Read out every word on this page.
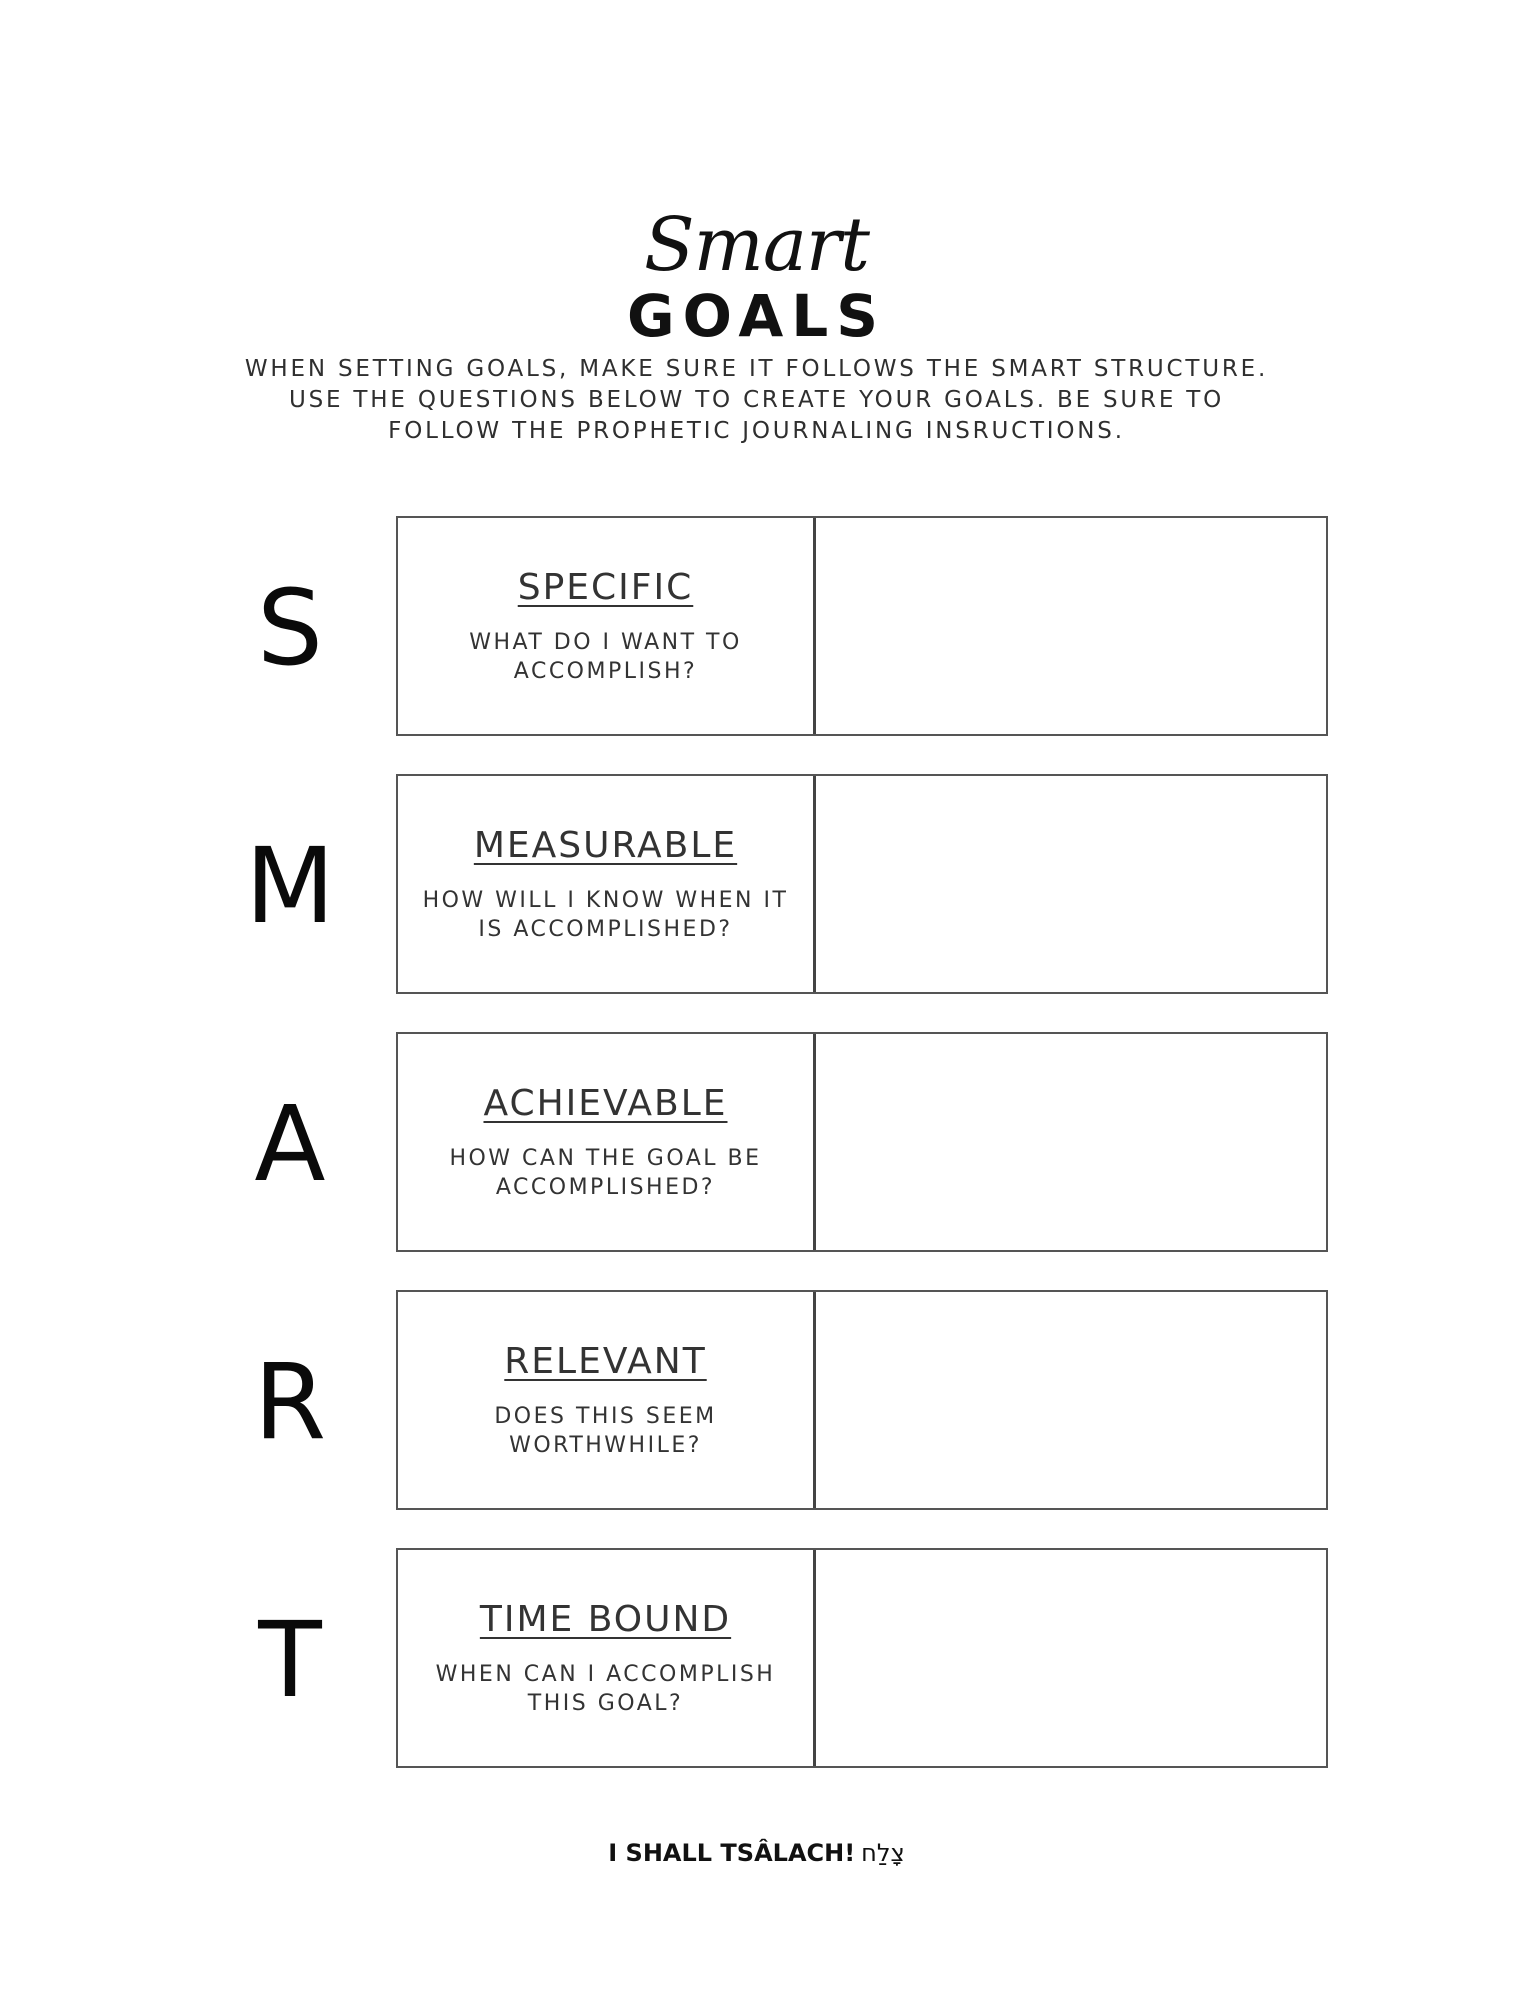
Smart
GOALS
WHEN SETTING GOALS, MAKE SURE IT FOLLOWS THE SMART STRUCTURE.
USE THE QUESTIONS BELOW TO CREATE YOUR GOALS. BE SURE TO
FOLLOW THE PROPHETIC JOURNALING INSRUCTIONS.
S	SPECIFIC
WHAT DO I WANT TO
ACCOMPLISH?
M	MEASURABLE
HOW WILL I KNOW WHEN IT
IS ACCOMPLISHED?
A	ACHIEVABLE
HOW CAN THE GOAL BE
ACCOMPLISHED?
R	RELEVANT
DOES THIS SEEM
WORTHWHILE?
T	TIME BOUND
WHEN CAN I ACCOMPLISH
THIS GOAL?
I SHALL TSÂLACH! צָלַח
